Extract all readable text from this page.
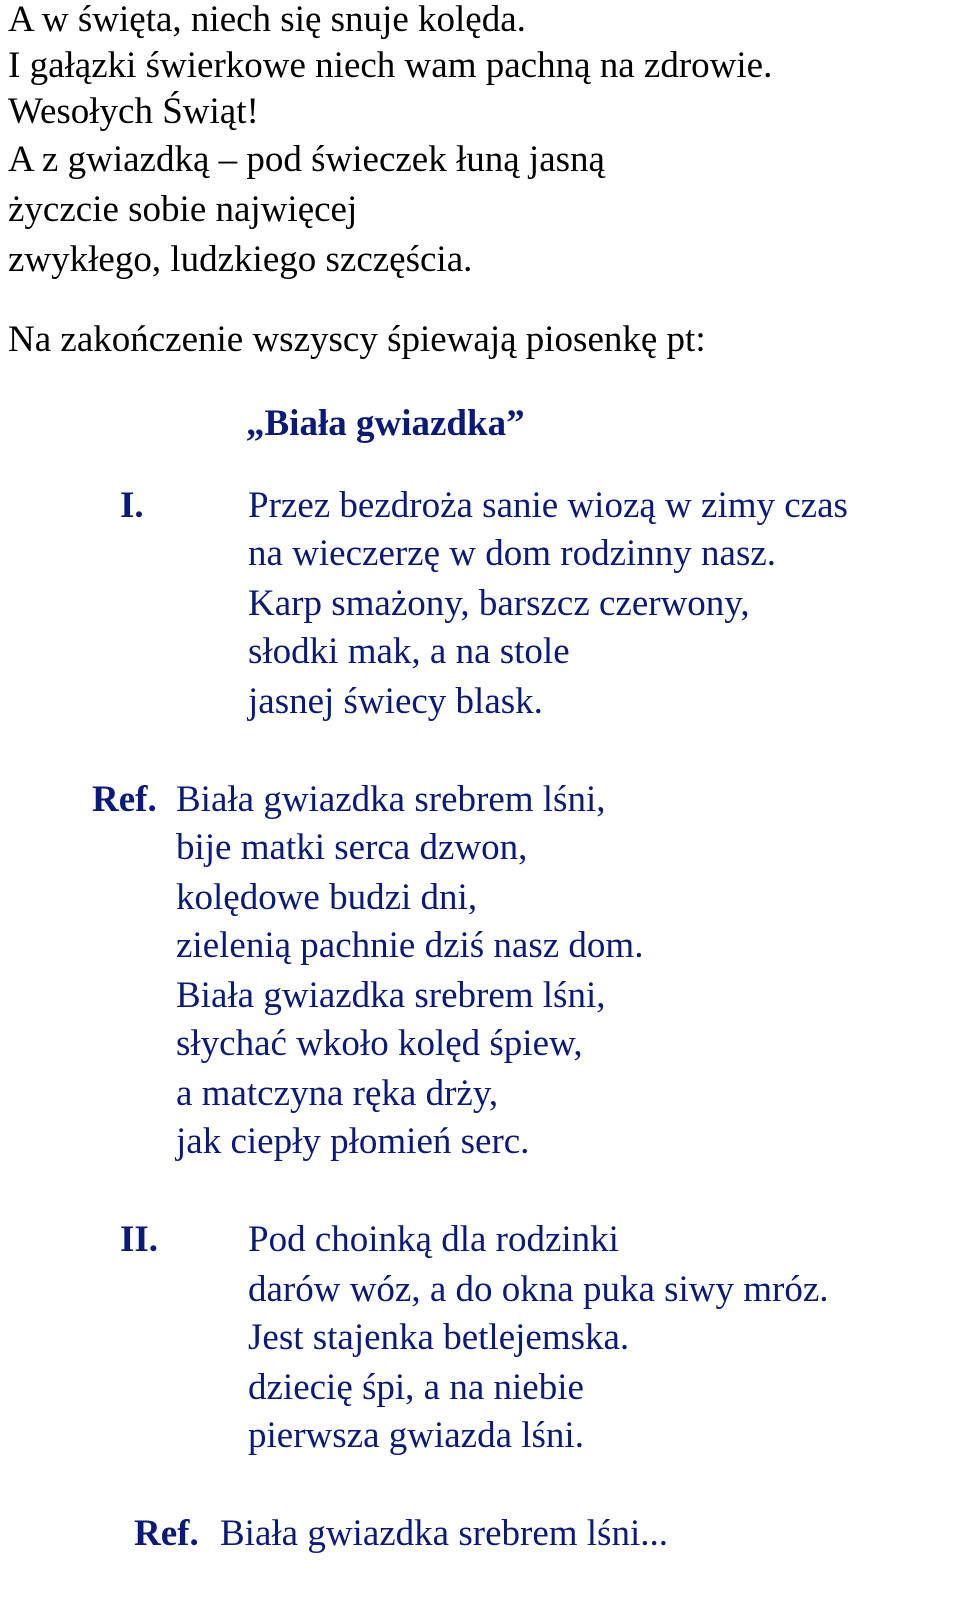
A w święta, niech się snuje kolęda.
I gałązki świerkowe niech wam pachną na zdrowie.
Wesołych Świąt!
A z gwiazdką – pod świeczek łuną jasną
życzcie sobie najwięcej
zwykłego, ludzkiego szczęścia.
Na zakończenie wszyscy śpiewają piosenkę pt:
„Biała gwiazdka”
I.	Przez bezdroża sanie wiozą w zimy czas
na wieczerzę w dom rodzinny nasz.
Karp smażony, barszcz czerwony,
słodki mak, a na stole
jasnej świecy blask.
Ref. Biała gwiazdka srebrem lśni,
bije matki serca dzwon,
kolędowe budzi dni,
zielenią pachnie dziś nasz dom.
Biała gwiazdka srebrem lśni,
słychać wkoło kolęd śpiew,
a matczyna ręka drży,
jak ciepły płomień serc.
II. Pod choinką dla rodzinki
darów wóz, a do okna puka siwy mróz.
Jest stajenka betlejemska.
dziecię śpi, a na niebie
pierwsza gwiazda lśni.
Ref. Biała gwiazdka srebrem lśni...
